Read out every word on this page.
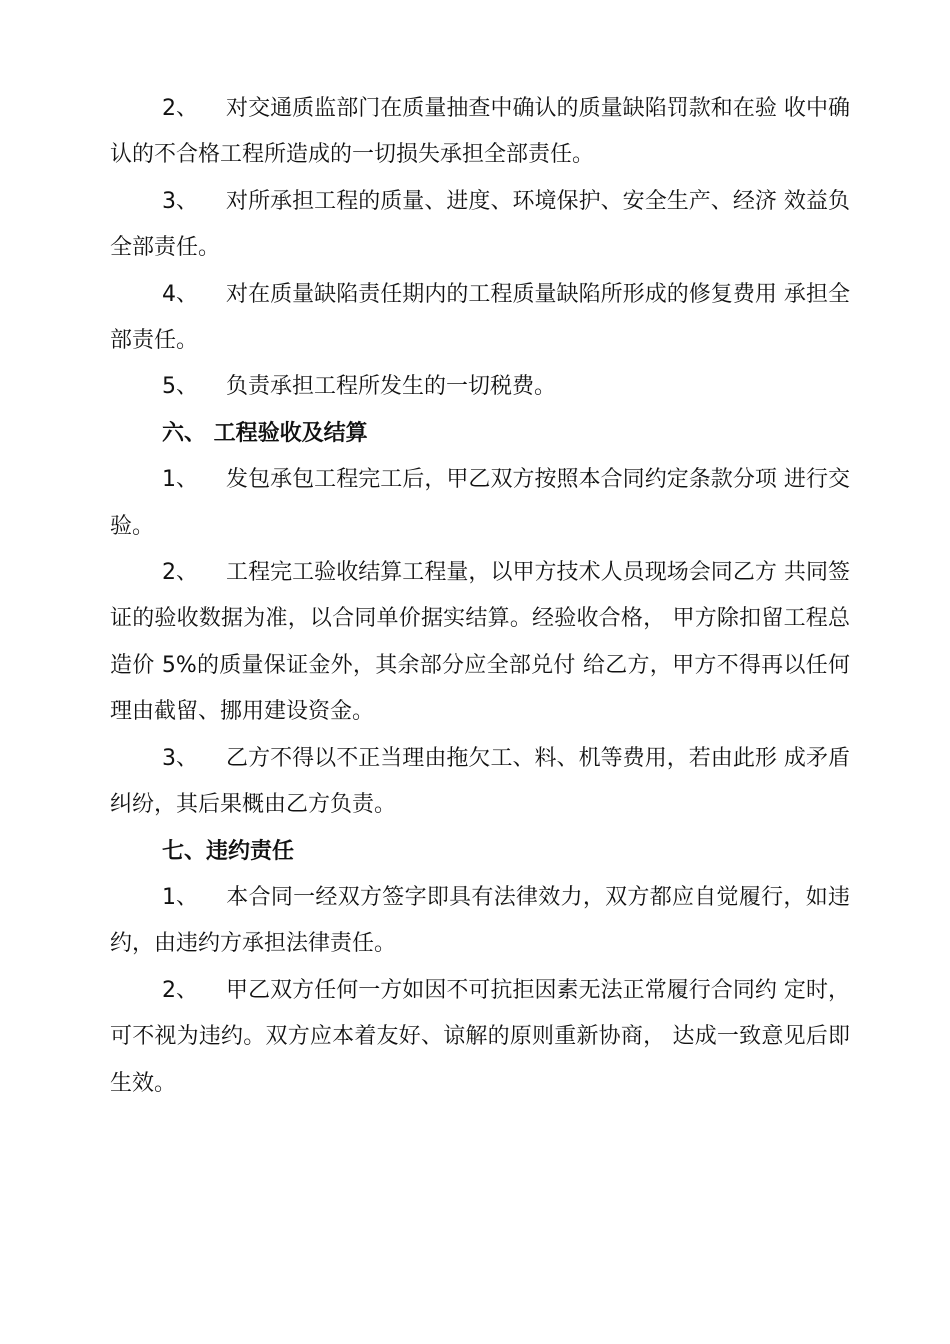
2、 对交通质监部门在质量抽查中确认的质量缺陷罚款和在验 收中确认的不合格工程所造成的一切损失承担全部责任。

3、 对所承担工程的质量、进度、环境保护、安全生产、经济 效益负全部责任。

4、 对在质量缺陷责任期内的工程质量缺陷所形成的修复费用 承担全部责任。

5、 负责承担工程所发生的一切税费。

六、 工程验收及结算

1、 发包承包工程完工后，甲乙双方按照本合同约定条款分项 进行交验。

2、 工程完工验收结算工程量，以甲方技术人员现场会同乙方 共同签证的验收数据为准，以合同单价据实结算。经验收合格， 甲方除扣留工程总造价 5%的质量保证金外，其余部分应全部兑付 给乙方，甲方不得再以任何理由截留、挪用建设资金。

3、 乙方不得以不正当理由拖欠工、料、机等费用，若由此形 成矛盾纠纷，其后果概由乙方负责。

七、违约责任

1、 本合同一经双方签字即具有法律效力，双方都应自觉履行，如违约，由违约方承担法律责任。

2、 甲乙双方任何一方如因不可抗拒因素无法正常履行合同约 定时，可不视为违约。双方应本着友好、谅解的原则重新协商， 达成一致意见后即生效。
